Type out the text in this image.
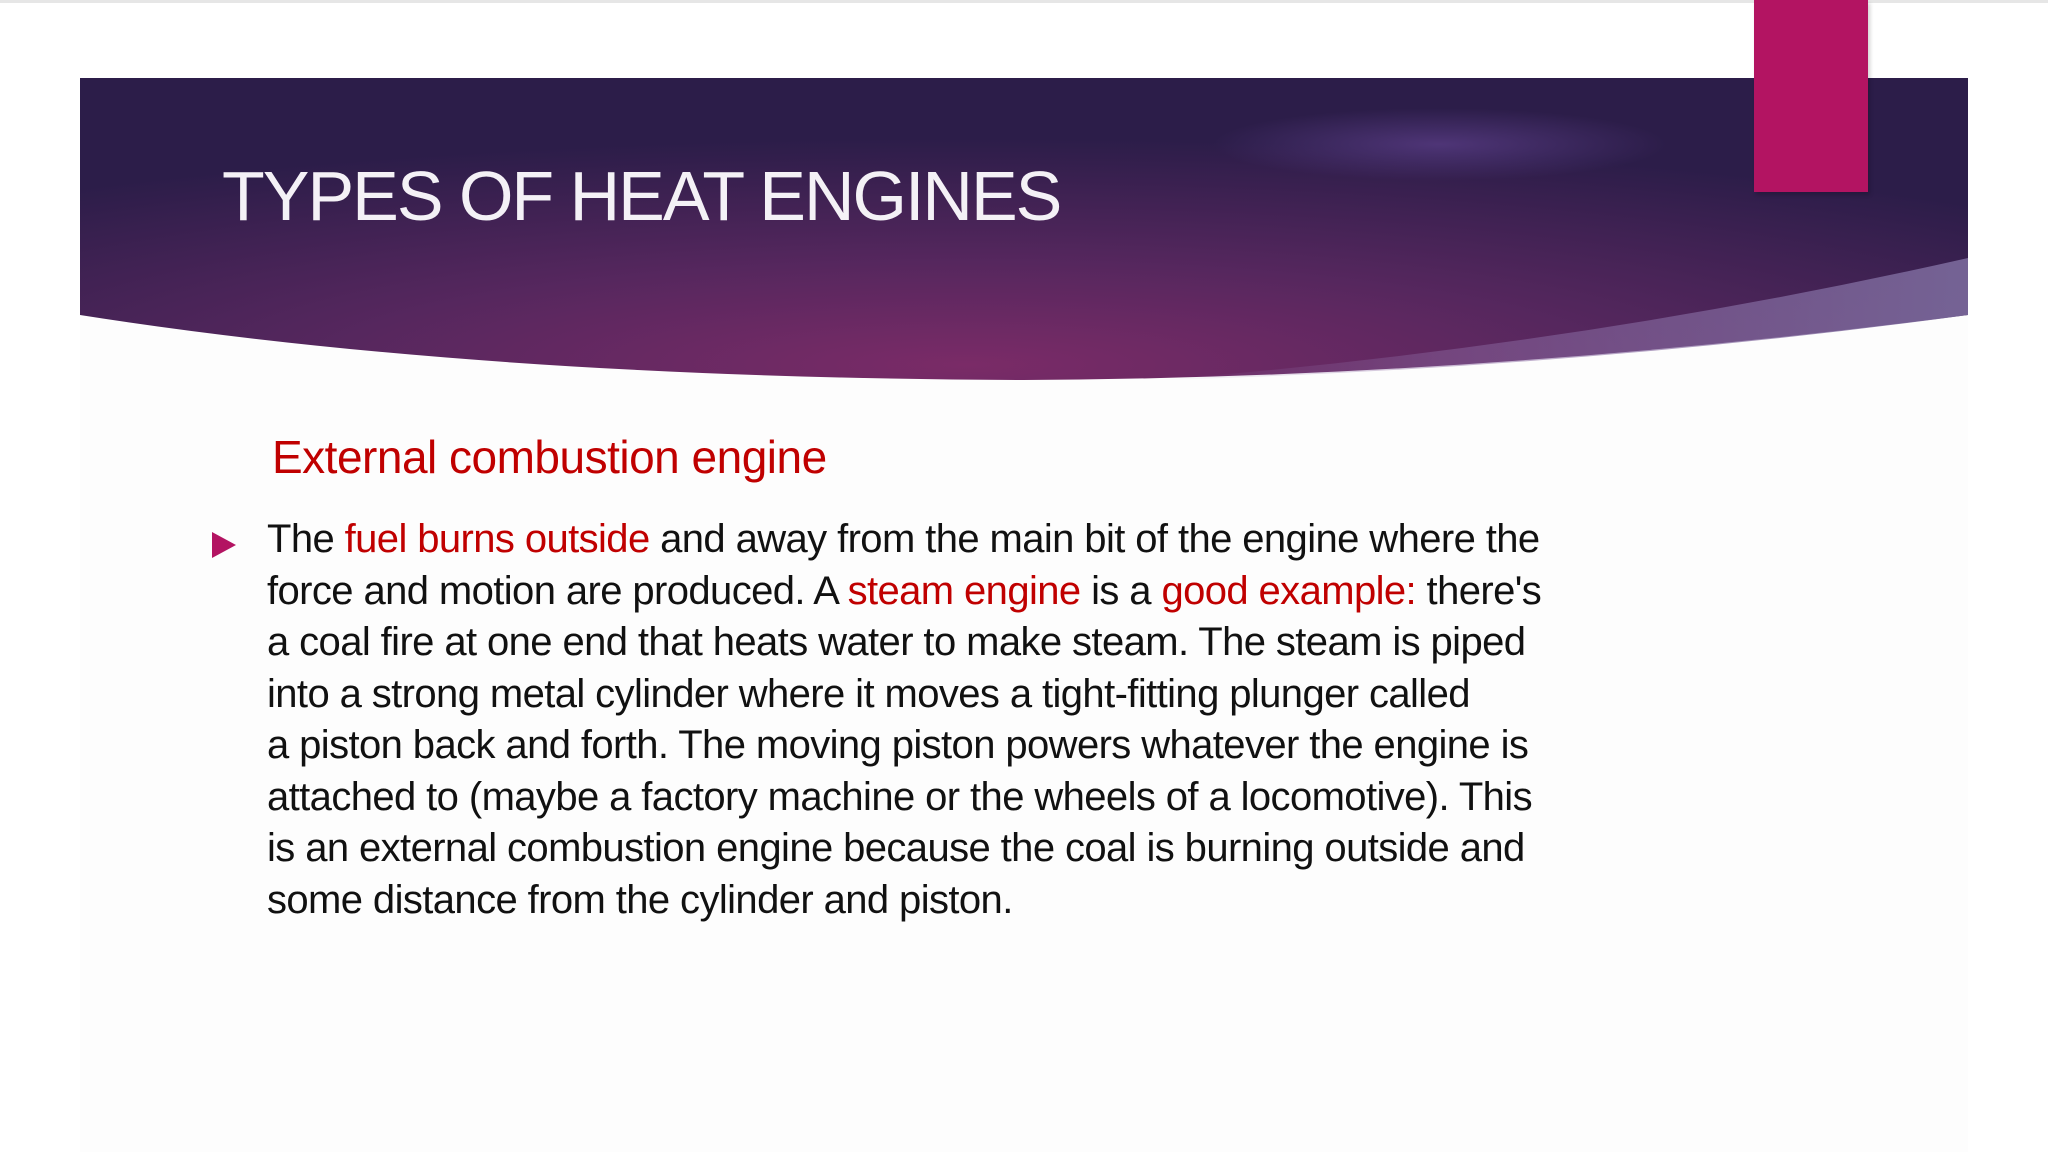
TYPES OF HEAT ENGINES
External combustion engine
The fuel burns outside and away from the main bit of the engine where the
force and motion are produced. A steam engine is a good example: there's
a coal fire at one end that heats water to make steam. The steam is piped
into a strong metal cylinder where it moves a tight-fitting plunger called
a piston back and forth. The moving piston powers whatever the engine is
attached to (maybe a factory machine or the wheels of a locomotive). This
is an external combustion engine because the coal is burning outside and
some distance from the cylinder and piston.
